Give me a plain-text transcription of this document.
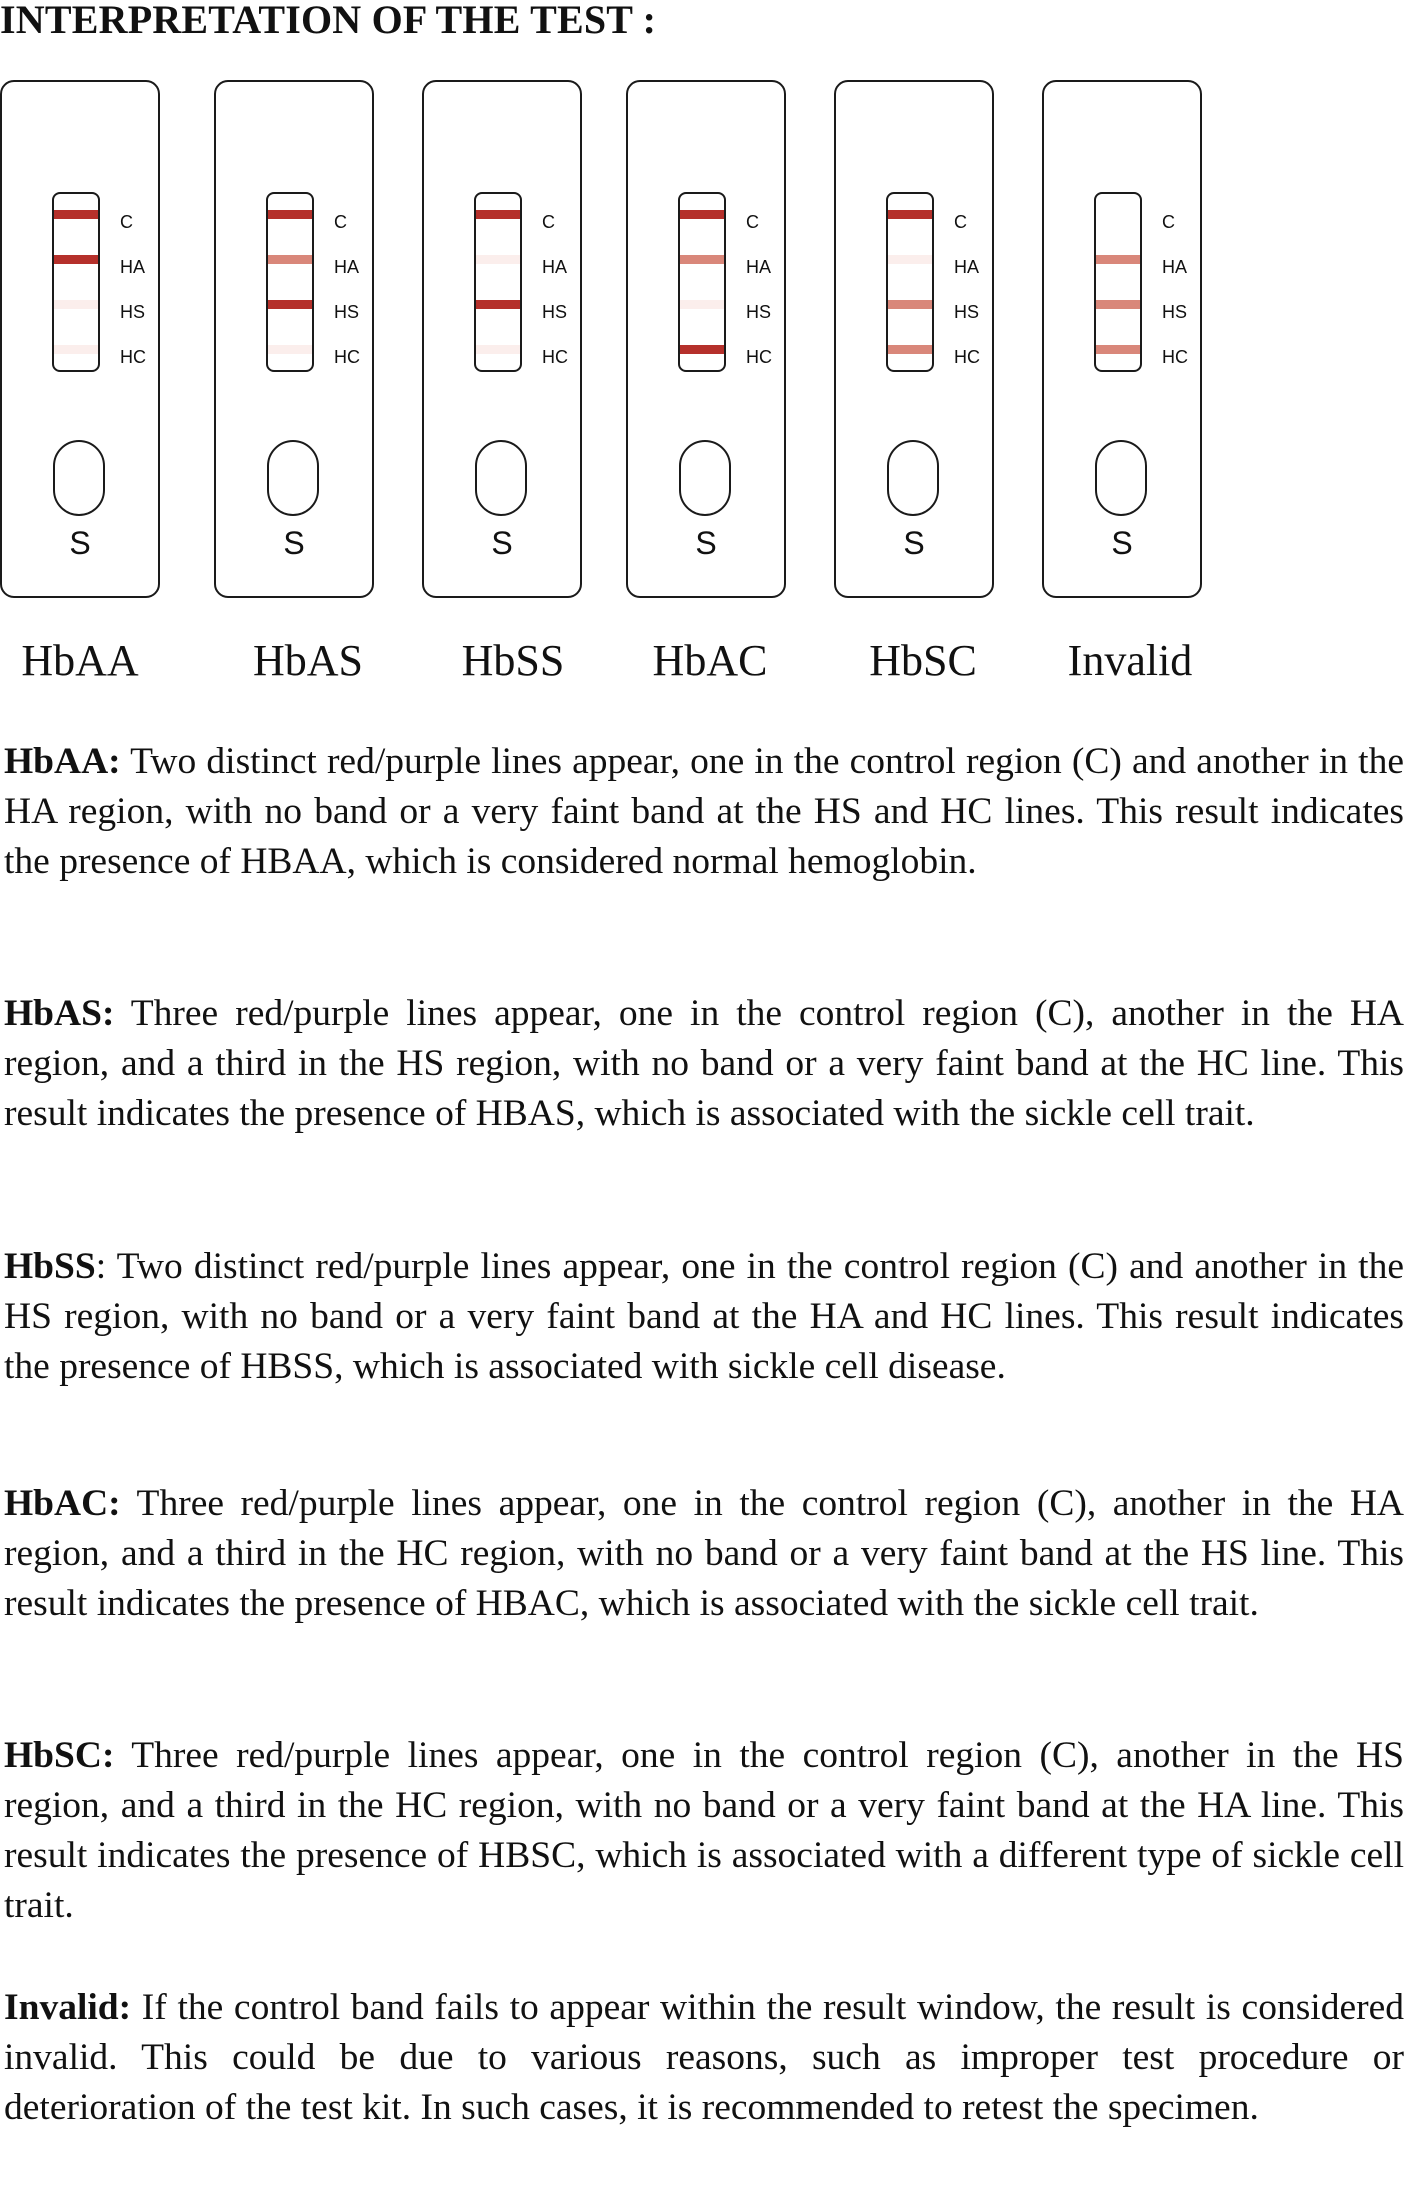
INTERPRETATION OF THE TEST :
C
HA
HS
HC
S
C
HA
HS
HC
S
C
HA
HS
HC
S
C
HA
HS
HC
S
C
HA
HS
HC
S
C
HA
HS
HC
S
HbAA	HbAS	HbSS	HbAC	HbSC	Invalid

HbAA: Two distinct red/purple lines appear, one in the control region (C) and another in the HA region, with no band or a very faint band at the HS and HC lines. This result indicates the presence of HBAA, which is considered normal hemoglobin.

HbAS: Three red/purple lines appear, one in the control region (C), another in the HA region, and a third in the HS region, with no band or a very faint band at the HC line. This result indicates the presence of HBAS, which is associated with the sickle cell trait.

HbSS: Two distinct red/purple lines appear, one in the control region (C) and another in the HS region, with no band or a very faint band at the HA and HC lines. This result indicates the presence of HBSS, which is associated with sickle cell disease.

HbAC: Three red/purple lines appear, one in the control region (C), another in the HA region, and a third in the HC region, with no band or a very faint band at the HS line. This result indicates the presence of HBAC, which is associated with the sickle cell trait.

HbSC: Three red/purple lines appear, one in the control region (C), another in the HS region, and a third in the HC region, with no band or a very faint band at the HA line. This result indicates the presence of HBSC, which is associated with a different type of sickle cell trait.

Invalid: If the control band fails to appear within the result window, the result is considered invalid. This could be due to various reasons, such as improper test procedure or deterioration of the test kit. In such cases, it is recommended to retest the specimen.
